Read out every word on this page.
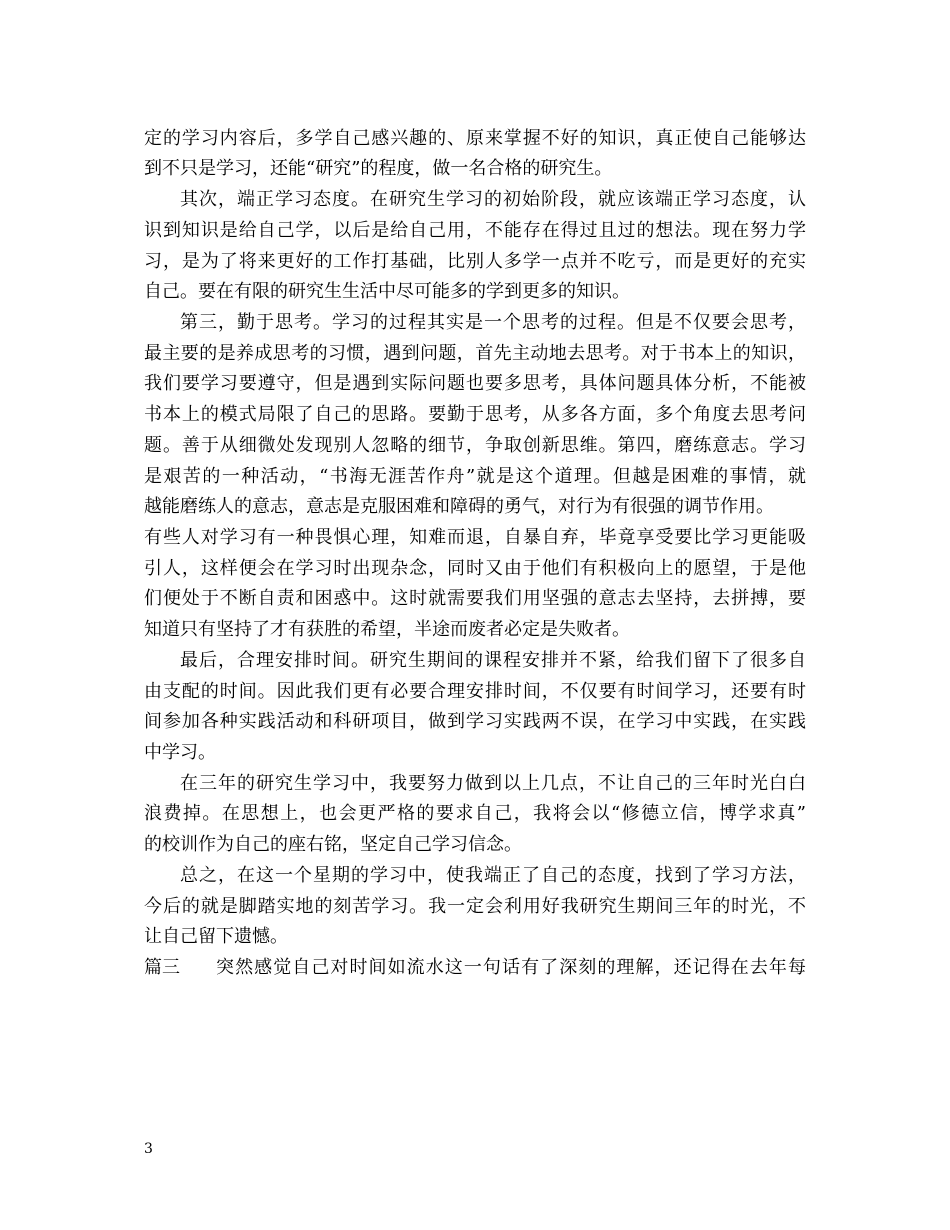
定的学习内容后，多学自己感兴趣的、原来掌握不好的知识，真正使自己能够达
到不只是学习，还能“研究”的程度，做一名合格的研究生。
其次，端正学习态度。在研究生学习的初始阶段，就应该端正学习态度，认
识到知识是给自己学，以后是给自己用，不能存在得过且过的想法。现在努力学
习，是为了将来更好的工作打基础，比别人多学一点并不吃亏，而是更好的充实
自己。要在有限的研究生生活中尽可能多的学到更多的知识。
第三，勤于思考。学习的过程其实是一个思考的过程。但是不仅要会思考，
最主要的是养成思考的习惯，遇到问题，首先主动地去思考。对于书本上的知识，
我们要学习要遵守，但是遇到实际问题也要多思考，具体问题具体分析，不能被
书本上的模式局限了自己的思路。要勤于思考，从多各方面，多个角度去思考问
题。善于从细微处发现别人忽略的细节，争取创新思维。第四，磨练意志。学习
是艰苦的一种活动，“书海无涯苦作舟”就是这个道理。但越是困难的事情，就
越能磨练人的意志，意志是克服困难和障碍的勇气，对行为有很强的调节作用。
有些人对学习有一种畏惧心理，知难而退，自暴自弃，毕竟享受要比学习更能吸
引人，这样便会在学习时出现杂念，同时又由于他们有积极向上的愿望，于是他
们便处于不断自责和困惑中。这时就需要我们用坚强的意志去坚持，去拼搏，要
知道只有坚持了才有获胜的希望，半途而废者必定是失败者。
最后，合理安排时间。研究生期间的课程安排并不紧，给我们留下了很多自
由支配的时间。因此我们更有必要合理安排时间，不仅要有时间学习，还要有时
间参加各种实践活动和科研项目，做到学习实践两不误，在学习中实践，在实践
中学习。
在三年的研究生学习中，我要努力做到以上几点，不让自己的三年时光白白
浪费掉。在思想上，也会更严格的要求自己，我将会以“修德立信，博学求真”
的校训作为自己的座右铭，坚定自己学习信念。
总之，在这一个星期的学习中，使我端正了自己的态度，找到了学习方法，
今后的就是脚踏实地的刻苦学习。我一定会利用好我研究生期间三年的时光，不
让自己留下遗憾。
篇三 突然感觉自己对时间如流水这一句话有了深刻的理解，还记得在去年每
3
